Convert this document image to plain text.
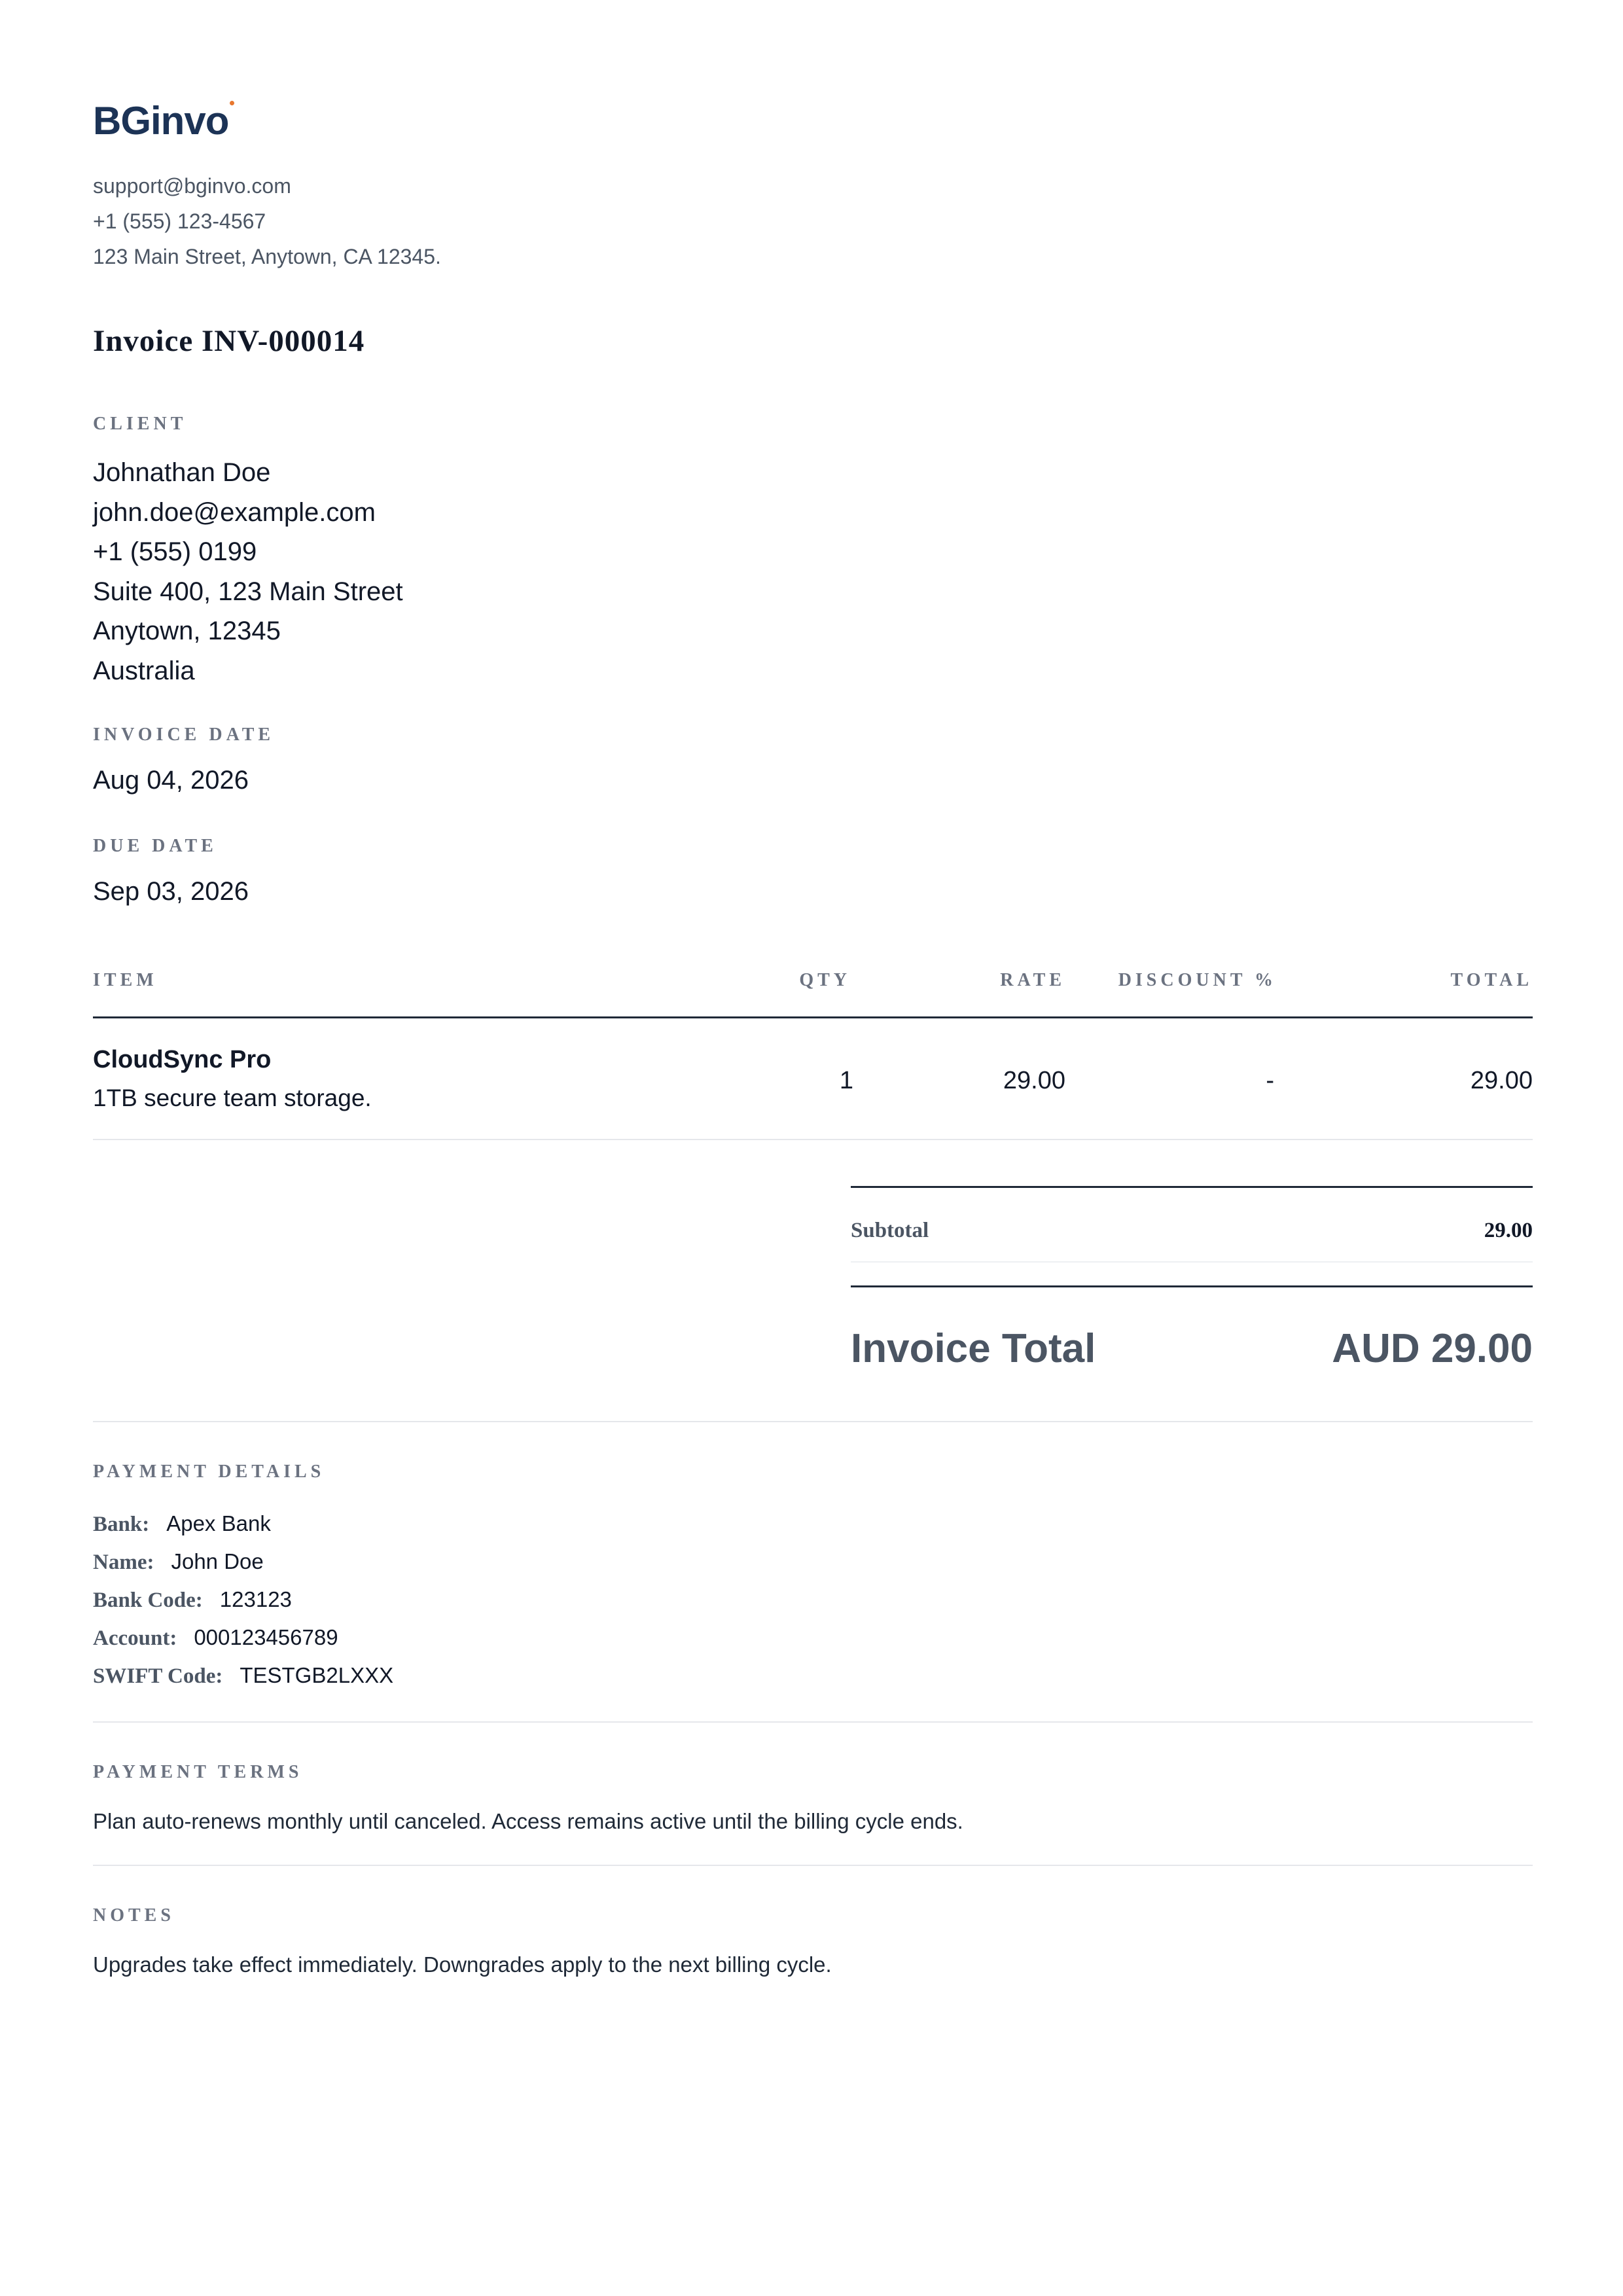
BGinvo
support@bginvo.com
+1 (555) 123-4567
123 Main Street, Anytown, CA 12345.
Invoice INV-000014
CLIENT
Johnathan Doe
john.doe@example.com
+1 (555) 0199
Suite 400, 123 Main Street
Anytown, 12345
Australia
INVOICE DATE
Aug 04, 2026
DUE DATE
Sep 03, 2026
ITEM	QTY	RATE	DISCOUNT %	TOTAL
CloudSync Pro
1TB secure team storage.
1	29.00	-	29.00
Subtotal	29.00
Invoice Total	AUD 29.00
PAYMENT DETAILS
Bank: Apex Bank
Name: John Doe
Bank Code: 123123
Account: 000123456789
SWIFT Code: TESTGB2LXXX
PAYMENT TERMS
Plan auto-renews monthly until canceled. Access remains active until the billing cycle ends.
NOTES
Upgrades take effect immediately. Downgrades apply to the next billing cycle.
